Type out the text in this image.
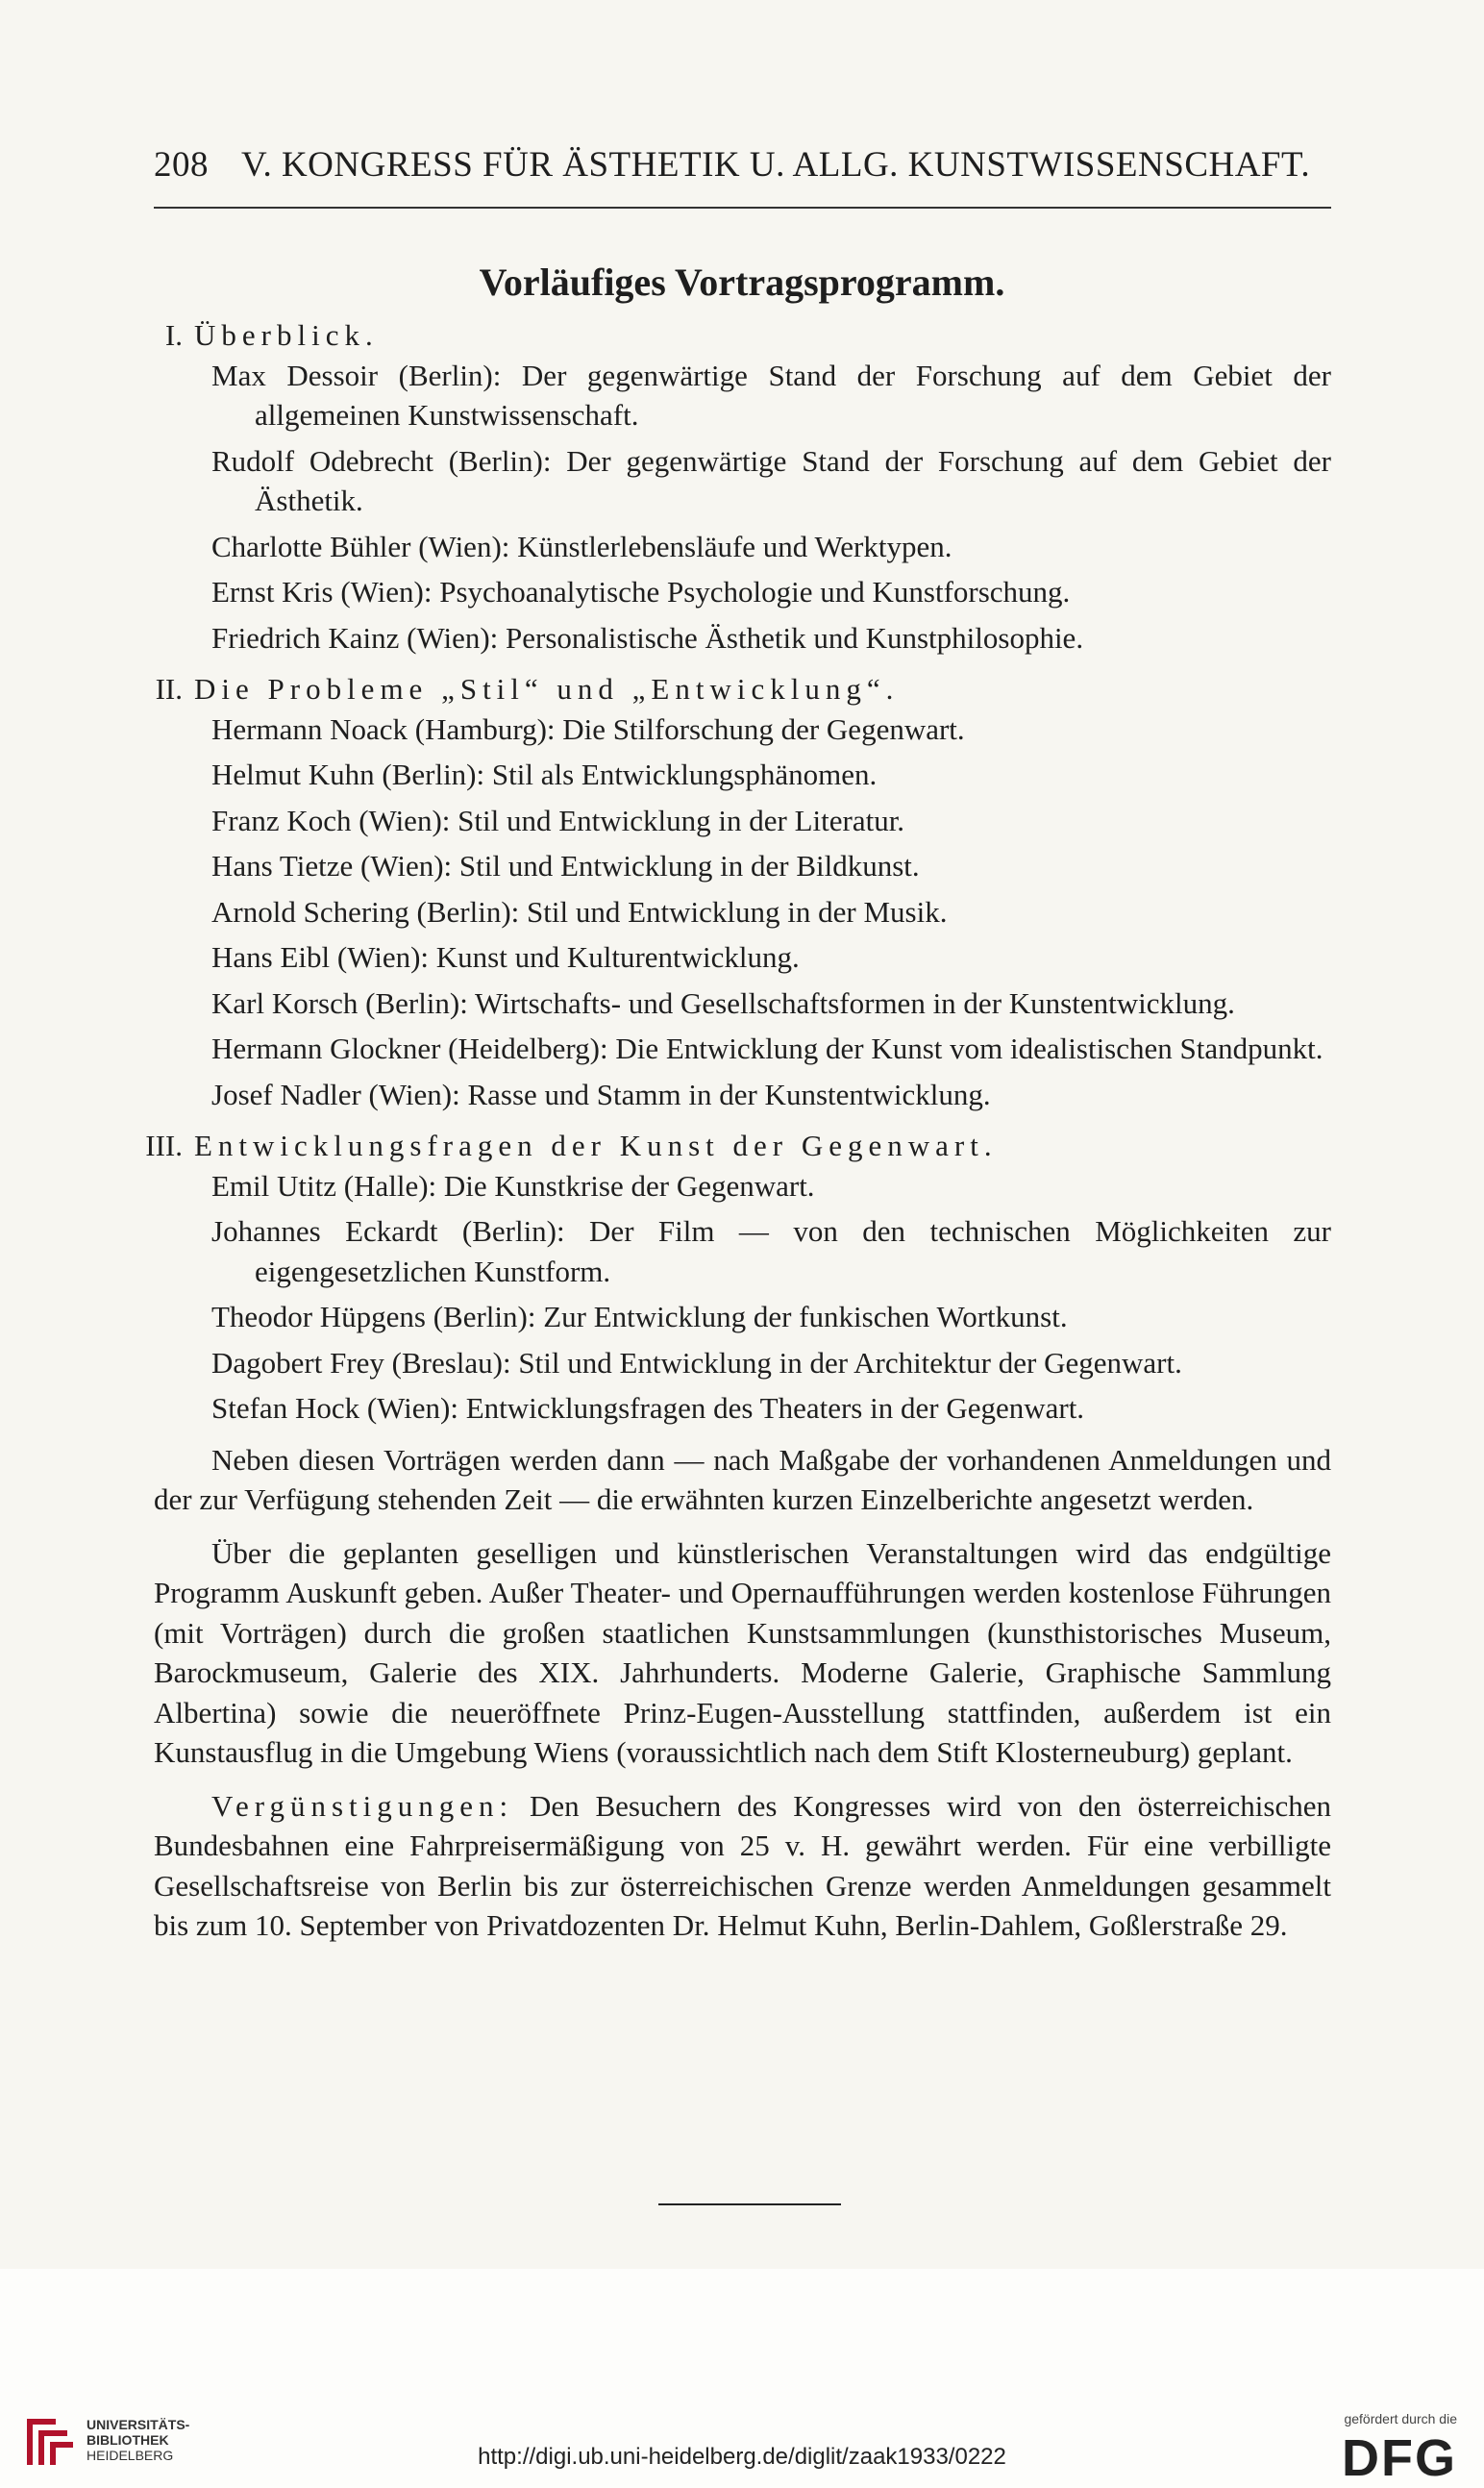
208 V. KONGRESS FÜR ÄSTHETIK U. ALLG. KUNSTWISSENSCHAFT.
Vorläufiges Vortragsprogramm.
I. Überblick.
Max Dessoir (Berlin): Der gegenwärtige Stand der Forschung auf dem Gebiet der allgemeinen Kunstwissenschaft.
Rudolf Odebrecht (Berlin): Der gegenwärtige Stand der Forschung auf dem Gebiet der Ästhetik.
Charlotte Bühler (Wien): Künstlerlebensläufe und Werktypen.
Ernst Kris (Wien): Psychoanalytische Psychologie und Kunstforschung.
Friedrich Kainz (Wien): Personalistische Ästhetik und Kunstphilosophie.
II. Die Probleme „Stil“ und „Entwicklung“.
Hermann Noack (Hamburg): Die Stilforschung der Gegenwart.
Helmut Kuhn (Berlin): Stil als Entwicklungsphänomen.
Franz Koch (Wien): Stil und Entwicklung in der Literatur.
Hans Tietze (Wien): Stil und Entwicklung in der Bildkunst.
Arnold Schering (Berlin): Stil und Entwicklung in der Musik.
Hans Eibl (Wien): Kunst und Kulturentwicklung.
Karl Korsch (Berlin): Wirtschafts- und Gesellschaftsformen in der Kunstentwicklung.
Hermann Glockner (Heidelberg): Die Entwicklung der Kunst vom idealistischen Standpunkt.
Josef Nadler (Wien): Rasse und Stamm in der Kunstentwicklung.
III. Entwicklungsfragen der Kunst der Gegenwart.
Emil Utitz (Halle): Die Kunstkrise der Gegenwart.
Johannes Eckardt (Berlin): Der Film — von den technischen Möglichkeiten zur eigengesetzlichen Kunstform.
Theodor Hüpgens (Berlin): Zur Entwicklung der funkischen Wortkunst.
Dagobert Frey (Breslau): Stil und Entwicklung in der Architektur der Gegenwart.
Stefan Hock (Wien): Entwicklungsfragen des Theaters in der Gegenwart.
Neben diesen Vorträgen werden dann — nach Maßgabe der vorhandenen Anmeldungen und der zur Verfügung stehenden Zeit — die erwähnten kurzen Einzelberichte angesetzt werden.
Über die geplanten geselligen und künstlerischen Veranstaltungen wird das endgültige Programm Auskunft geben. Außer Theater- und Opernaufführungen werden kostenlose Führungen (mit Vorträgen) durch die großen staatlichen Kunstsammlungen (kunsthistorisches Museum, Barockmuseum, Galerie des XIX. Jahrhunderts. Moderne Galerie, Graphische Sammlung Albertina) sowie die neueröffnete Prinz-Eugen-Ausstellung stattfinden, außerdem ist ein Kunstausflug in die Umgebung Wiens (voraussichtlich nach dem Stift Klosterneuburg) geplant.
Vergünstigungen: Den Besuchern des Kongresses wird von den österreichischen Bundesbahnen eine Fahrpreisermäßigung von 25 v. H. gewährt werden. Für eine verbilligte Gesellschaftsreise von Berlin bis zur österreichischen Grenze werden Anmeldungen gesammelt bis zum 10. September von Privatdozenten Dr. Helmut Kuhn, Berlin-Dahlem, Goßlerstraße 29.
UNIVERSITÄTS-
BIBLIOTHEK
HEIDELBERG	http://digi.ub.uni-heidelberg.de/diglit/zaak1933/0222
gefördert durch die
DFG
